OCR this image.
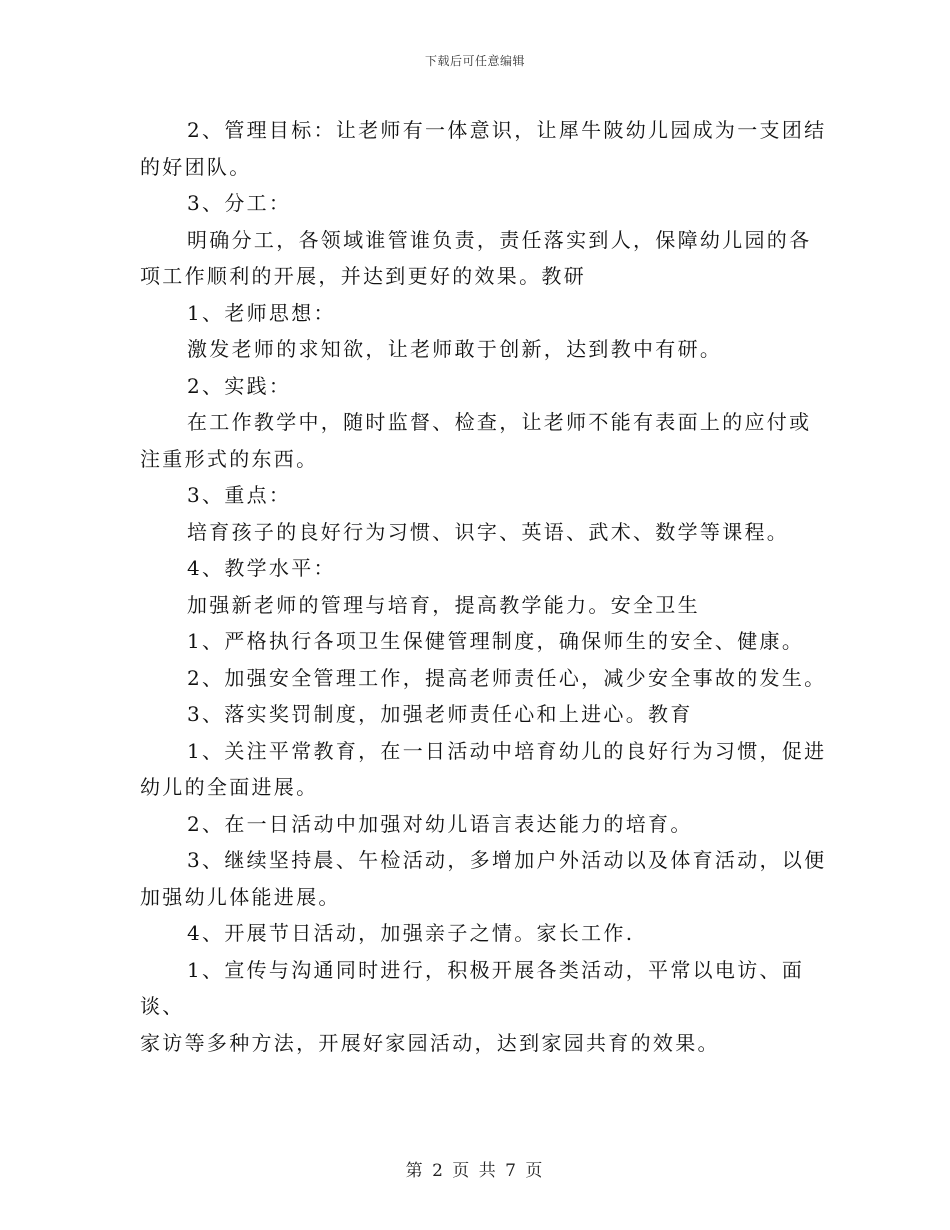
下载后可任意编辑
2、管理目标：让老师有一体意识，让犀牛陂幼儿园成为一支团结
的好团队。
3、分工：
明确分工，各领域谁管谁负责，责任落实到人，保障幼儿园的各
项工作顺利的开展，并达到更好的效果。教研
1、老师思想：
激发老师的求知欲，让老师敢于创新，达到教中有研。
2、实践：
在工作教学中，随时监督、检查，让老师不能有表面上的应付或
注重形式的东西。
3、重点：
培育孩子的良好行为习惯、识字、英语、武术、数学等课程。
4、教学水平：
加强新老师的管理与培育，提高教学能力。安全卫生
1、严格执行各项卫生保健管理制度，确保师生的安全、健康。
2、加强安全管理工作，提高老师责任心，减少安全事故的发生。
3、落实奖罚制度，加强老师责任心和上进心。教育
1、关注平常教育，在一日活动中培育幼儿的良好行为习惯，促进
幼儿的全面进展。
2、在一日活动中加强对幼儿语言表达能力的培育。
3、继续坚持晨、午检活动，多增加户外活动以及体育活动，以便
加强幼儿体能进展。
4、开展节日活动，加强亲子之情。家长工作.
1、宣传与沟通同时进行，积极开展各类活动，平常以电访、面谈、
家访等多种方法，开展好家园活动，达到家园共育的效果。
第 2 页 共 7 页
